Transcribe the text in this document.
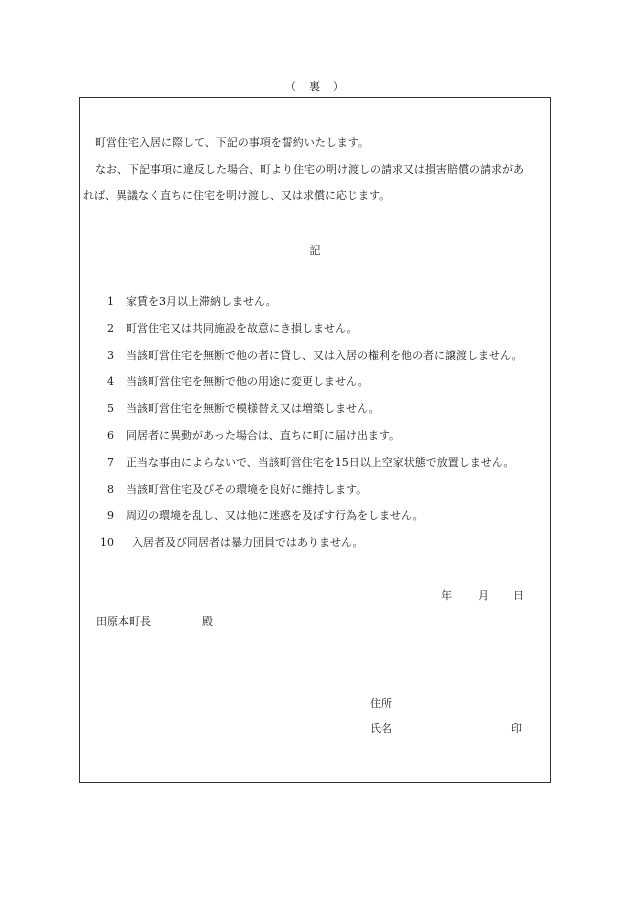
（　裏　）
町営住宅入居に際して、下記の事項を誓約いたします。
なお、下記事項に違反した場合、町より住宅の明け渡しの請求又は損害賠償の請求があ
れば、異議なく直ちに住宅を明け渡し、又は求償に応じます。
記
1 家賃を3月以上滞納しません。
2 町営住宅又は共同施設を故意にき損しません。
3 当該町営住宅を無断で他の者に貸し、又は入居の権利を他の者に譲渡しません。
4 当該町営住宅を無断で他の用途に変更しません。
5 当該町営住宅を無断で模様替え又は増築しません。
6 同居者に異動があった場合は、直ちに町に届け出ます。
7 正当な事由によらないで、当該町営住宅を15日以上空家状態で放置しません。
8 当該町営住宅及びその環境を良好に維持します。
9 周辺の環境を乱し、又は他に迷惑を及ぼす行為をしません。
10 入居者及び同居者は暴力団員ではありません。
年 月 日
田原本町長	殿
住所
氏名	印
